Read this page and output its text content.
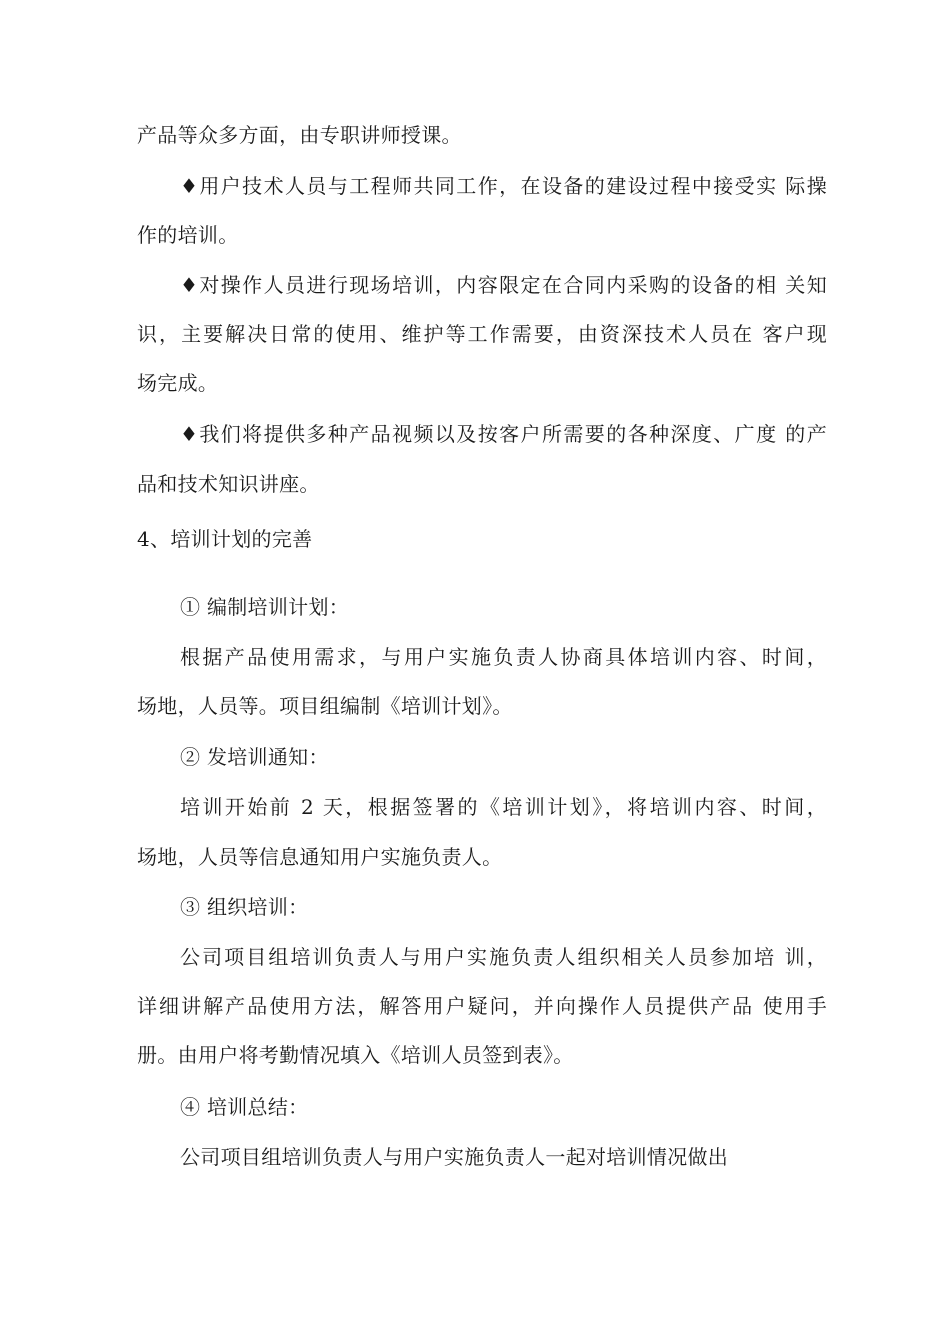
产品等众多方面，由专职讲师授课。
♦用户技术人员与工程师共同工作，在设备的建设过程中接受实 际操
作的培训。
♦对操作人员进行现场培训，内容限定在合同内采购的设备的相 关知
识，主要解决日常的使用、维护等工作需要，由资深技术人员在 客户现
场完成。
♦我们将提供多种产品视频以及按客户所需要的各种深度、广度 的产
品和技术知识讲座。
4、培训计划的完善
① 编制培训计划：
根据产品使用需求，与用户实施负责人协商具体培训内容、时间，
场地，人员等。项目组编制《培训计划》。
② 发培训通知：
培训开始前 2 天，根据签署的《培训计划》，将培训内容、时间，
场地，人员等信息通知用户实施负责人。
③ 组织培训：
公司项目组培训负责人与用户实施负责人组织相关人员参加培 训，
详细讲解产品使用方法，解答用户疑问，并向操作人员提供产品 使用手
册。由用户将考勤情况填入《培训人员签到表》。
④ 培训总结：
公司项目组培训负责人与用户实施负责人一起对培训情况做出
